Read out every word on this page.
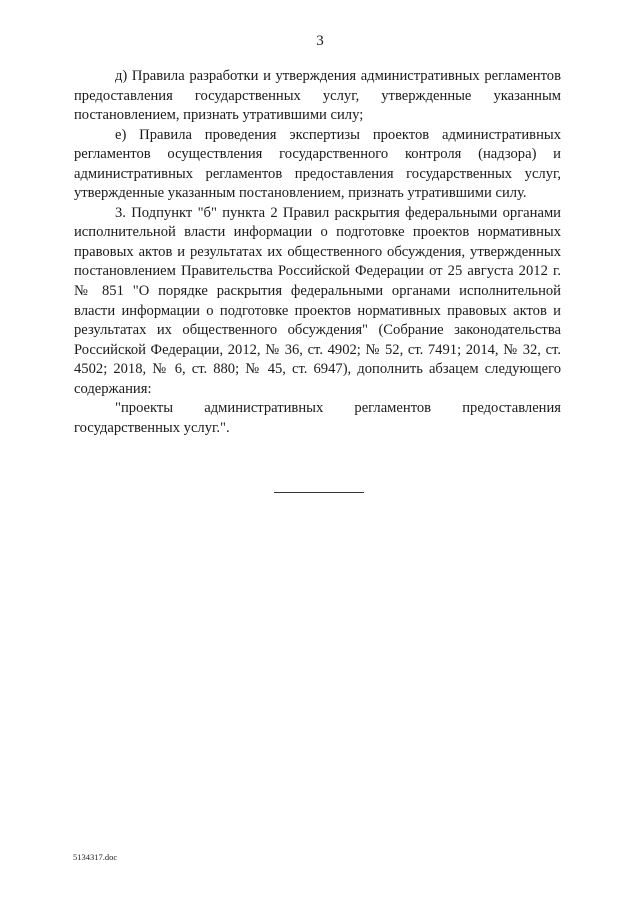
3

д) Правила разработки и утверждения административных регламентов предоставления государственных услуг, утвержденные указанным постановлением, признать утратившими силу;

е) Правила проведения экспертизы проектов административных регламентов осуществления государственного контроля (надзора) и административных регламентов предоставления государственных услуг, утвержденные указанным постановлением, признать утратившими силу.

3. Подпункт "б" пункта 2 Правил раскрытия федеральными органами исполнительной власти информации о подготовке проектов нормативных правовых актов и результатах их общественного обсуждения, утвержденных постановлением Правительства Российской Федерации от 25 августа 2012 г. № 851 "О порядке раскрытия федеральными органами исполнительной власти информации о подготовке проектов нормативных правовых актов и результатах их общественного обсуждения" (Собрание законодательства Российской Федерации, 2012, № 36, ст. 4902; № 52, ст. 7491; 2014, № 32, ст. 4502; 2018, № 6, ст. 880; № 45, ст. 6947), дополнить абзацем следующего содержания:

"проекты административных регламентов предоставления государственных услуг.".

5134317.doc
